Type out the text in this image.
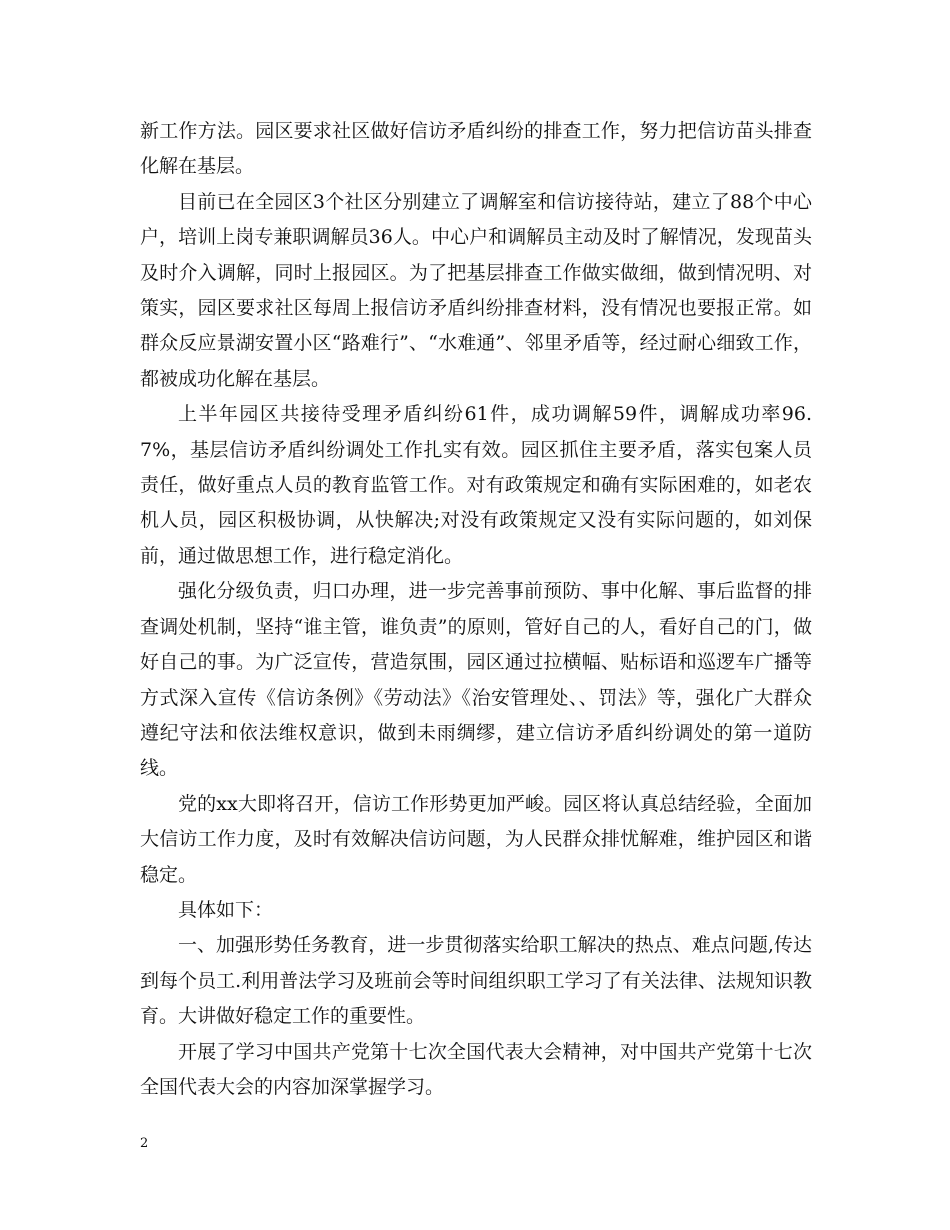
新工作方法。园区要求社区做好信访矛盾纠纷的排查工作，努力把信访苗头排查化解在基层。

目前已在全园区3个社区分别建立了调解室和信访接待站，建立了88个中心户，培训上岗专兼职调解员36人。中心户和调解员主动及时了解情况，发现苗头及时介入调解，同时上报园区。为了把基层排查工作做实做细，做到情况明、对策实，园区要求社区每周上报信访矛盾纠纷排查材料，没有情况也要报正常。如群众反应景湖安置小区“路难行”、“水难通”、邻里矛盾等，经过耐心细致工作，都被成功化解在基层。

上半年园区共接待受理矛盾纠纷61件，成功调解59件，调解成功率96.7%，基层信访矛盾纠纷调处工作扎实有效。园区抓住主要矛盾，落实包案人员责任，做好重点人员的教育监管工作。对有政策规定和确有实际困难的，如老农机人员，园区积极协调，从快解决;对没有政策规定又没有实际问题的，如刘保前，通过做思想工作，进行稳定消化。

强化分级负责，归口办理，进一步完善事前预防、事中化解、事后监督的排查调处机制，坚持“谁主管，谁负责”的原则，管好自己的人，看好自己的门，做好自己的事。为广泛宣传，营造氛围，园区通过拉横幅、贴标语和巡逻车广播等方式深入宣传《信访条例》《劳动法》《治安管理处、、罚法》等，强化广大群众遵纪守法和依法维权意识，做到未雨绸缪，建立信访矛盾纠纷调处的第一道防线。

党的xx大即将召开，信访工作形势更加严峻。园区将认真总结经验，全面加大信访工作力度，及时有效解决信访问题，为人民群众排忧解难，维护园区和谐稳定。

具体如下：

一、加强形势任务教育，进一步贯彻落实给职工解决的热点、难点问题,传达到每个员工.利用普法学习及班前会等时间组织职工学习了有关法律、法规知识教育。大讲做好稳定工作的重要性。

开展了学习中国共产党第十七次全国代表大会精神，对中国共产党第十七次全国代表大会的内容加深掌握学习。

2
